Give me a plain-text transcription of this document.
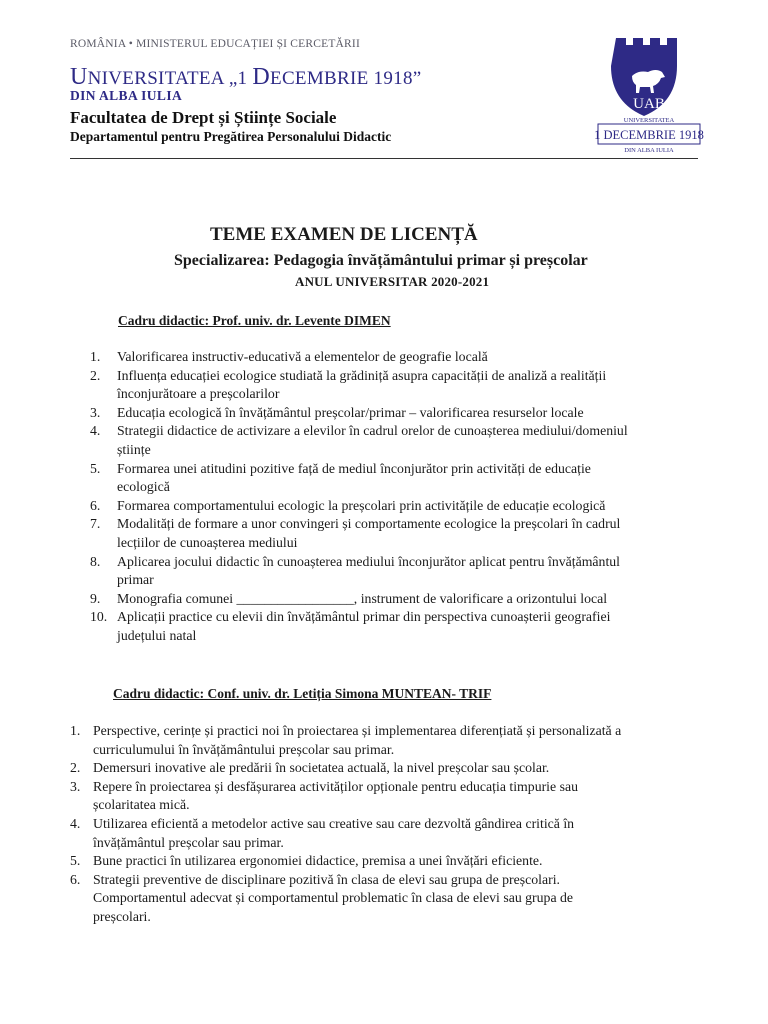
ROMÂNIA • MINISTERUL EDUCAȚIEI ȘI CERCETĂRII
UNIVERSITATEA „1 DECEMBRIE 1918”
DIN ALBA IULIA
Facultatea de Drept și Științe Sociale
Departamentul pentru Pregătirea Personalului Didactic
UAB
UNIVERSITATEA
1 DECEMBRIE 1918
DIN ALBA IULIA
TEME EXAMEN DE LICENȚĂ
Specializarea: Pedagogia învățământului primar și preșcolar
ANUL UNIVERSITAR 2020-2021
Cadru didactic: Prof. univ. dr. Levente DIMEN
1. Valorificarea instructiv-educativă a elementelor de geografie locală
2. Influența educației ecologice studiată la grădiniță asupra capacității de analiză a realității
înconjurătoare a preșcolarilor
3. Educația ecologică în învățământul preșcolar/primar – valorificarea resurselor locale
4. Strategii didactice de activizare a elevilor în cadrul orelor de cunoașterea mediului/domeniul
științe
5. Formarea unei atitudini pozitive față de mediul înconjurător prin activități de educație
ecologică
6. Formarea comportamentului ecologic la preșcolari prin activitățile de educație ecologică
7. Modalități de formare a unor convingeri și comportamente ecologice la preșcolari în cadrul
lecțiilor de cunoașterea mediului
8. Aplicarea jocului didactic în cunoașterea mediului înconjurător aplicat pentru învățământul
primar
9. Monografia comunei _________________, instrument de valorificare a orizontului local
10. Aplicații practice cu elevii din învățământul primar din perspectiva cunoașterii geografiei
județului natal
Cadru didactic: Conf. univ. dr. Letiția Simona MUNTEAN- TRIF
1. Perspective, cerințe și practici noi în proiectarea și implementarea diferențiată și personalizată a
curriculumului în învățământului preșcolar sau primar.
2. Demersuri inovative ale predării în societatea actuală, la nivel preșcolar sau școlar.
3. Repere în proiectarea și desfășurarea activităților opționale pentru educația timpurie sau
școlaritatea mică.
4. Utilizarea eficientă a metodelor active sau creative sau care dezvoltă gândirea critică în
învățământul preșcolar sau primar.
5. Bune practici în utilizarea ergonomiei didactice, premisa a unei învățări eficiente.
6. Strategii preventive de disciplinare pozitivă în clasa de elevi sau grupa de preșcolari.
Comportamentul adecvat și comportamentul problematic în clasa de elevi sau grupa de
preșcolari.
